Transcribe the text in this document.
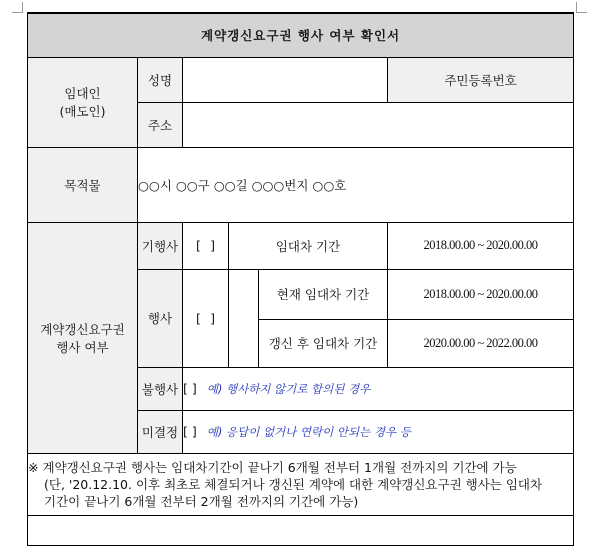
계약갱신요구권 행사 여부 확인서						

임대인
(매도인)	성명				주민등록번호	
	주소					
목적물	○○시 ○○구 ○○길 ○○○번지 ○○호					

계약갱신요구권
행사 여부	기행사	[ ]	임대차 기간		2018.00.00 ~ 2020.00.00	
	행사	[ ]		현재 임대차 기간	2018.00.00 ~ 2020.00.00	
				갱신 후 임대차 기간	2020.00.00 ~ 2022.00.00	
	불행사	[ ] 예) 행사하지 않기로 합의된 경우				
	미결정	[ ] 예) 응답이 없거나 연락이 안되는 경우 등				

※ 계약갱신요구권 행사는 임대차기간이 끝나기 6개월 전부터 1개월 전까지의 기간에 가능
(단, '20.12.10. 이후 최초로 체결되거나 갱신된 계약에 대한 계약갱신요구권 행사는 임대차
기간이 끝나기 6개월 전부터 2개월 전까지의 기간에 가능)						
